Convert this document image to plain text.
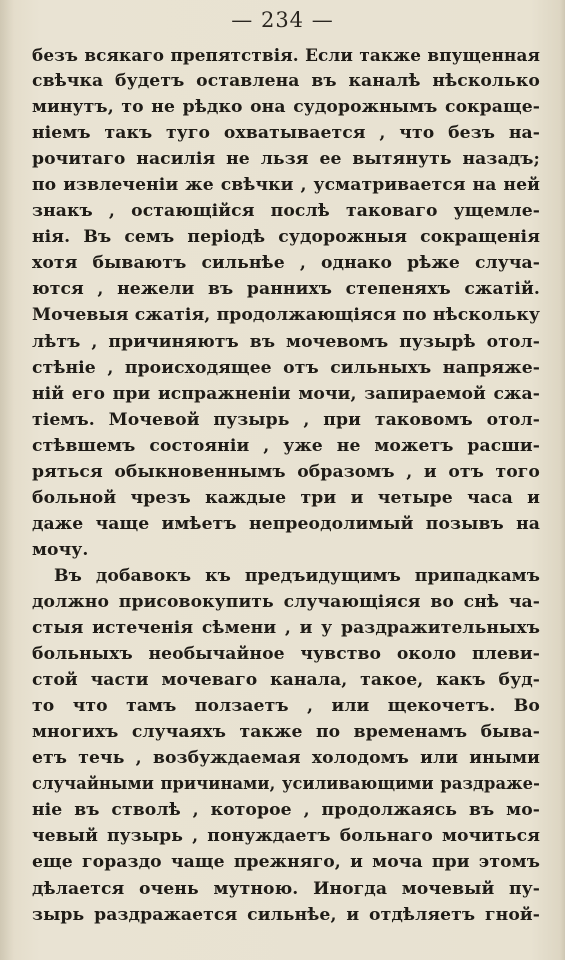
— 234 —
безъ всякаго препятствія. Если также впущенная
свѣчка будетъ оставлена въ каналѣ нѣсколько
минутъ, то не рѣдко она судорожнымъ сокраще-
ніемъ такъ туго охватывается , что безъ на-
рочитаго насилія не льзя ее вытянуть назадъ;
по извлеченіи же свѣчки , усматривается на ней
знакъ , остающійся послѣ таковаго ущемле-
нія. Въ семъ періодѣ судорожныя сокращенія
хотя бываютъ сильнѣе , однако рѣже случа-
ются , нежели въ раннихъ степеняхъ сжатій.
Мочевыя сжатія, продолжающіяся по нѣскольку
лѣтъ , причиняютъ въ мочевомъ пузырѣ отол-
стѣніе , происходящее отъ сильныхъ напряже-
ній его при испражненіи мочи, запираемой сжа-
тіемъ. Мочевой пузырь , при таковомъ отол-
стѣвшемъ состояніи , уже не можетъ расши-
ряться обыкновеннымъ образомъ , и отъ того
больной чрезъ каждые три и четыре часа и
даже чаще имѣетъ непреодолимый позывъ на
мочу.
Въ добавокъ къ предъидущимъ припадкамъ
должно присовокупить случающіяся во снѣ ча-
стыя истеченія сѣмени , и у раздражительныхъ
больныхъ необычайное чувство около плеви-
стой части мочеваго канала, такое, какъ буд-
то что тамъ ползаетъ , или щекочетъ. Во
многихъ случаяхъ также по временамъ быва-
етъ течь , возбуждаемая холодомъ или иными
случайными причинами, усиливающими раздраже-
ніе въ стволѣ , которое , продолжаясь въ мо-
чевый пузырь , понуждаетъ больнаго мочиться
еще гораздо чаще прежняго, и моча при этомъ
дѣлается очень мутною. Иногда мочевый пу-
зырь раздражается сильнѣе, и отдѣляетъ гной-
